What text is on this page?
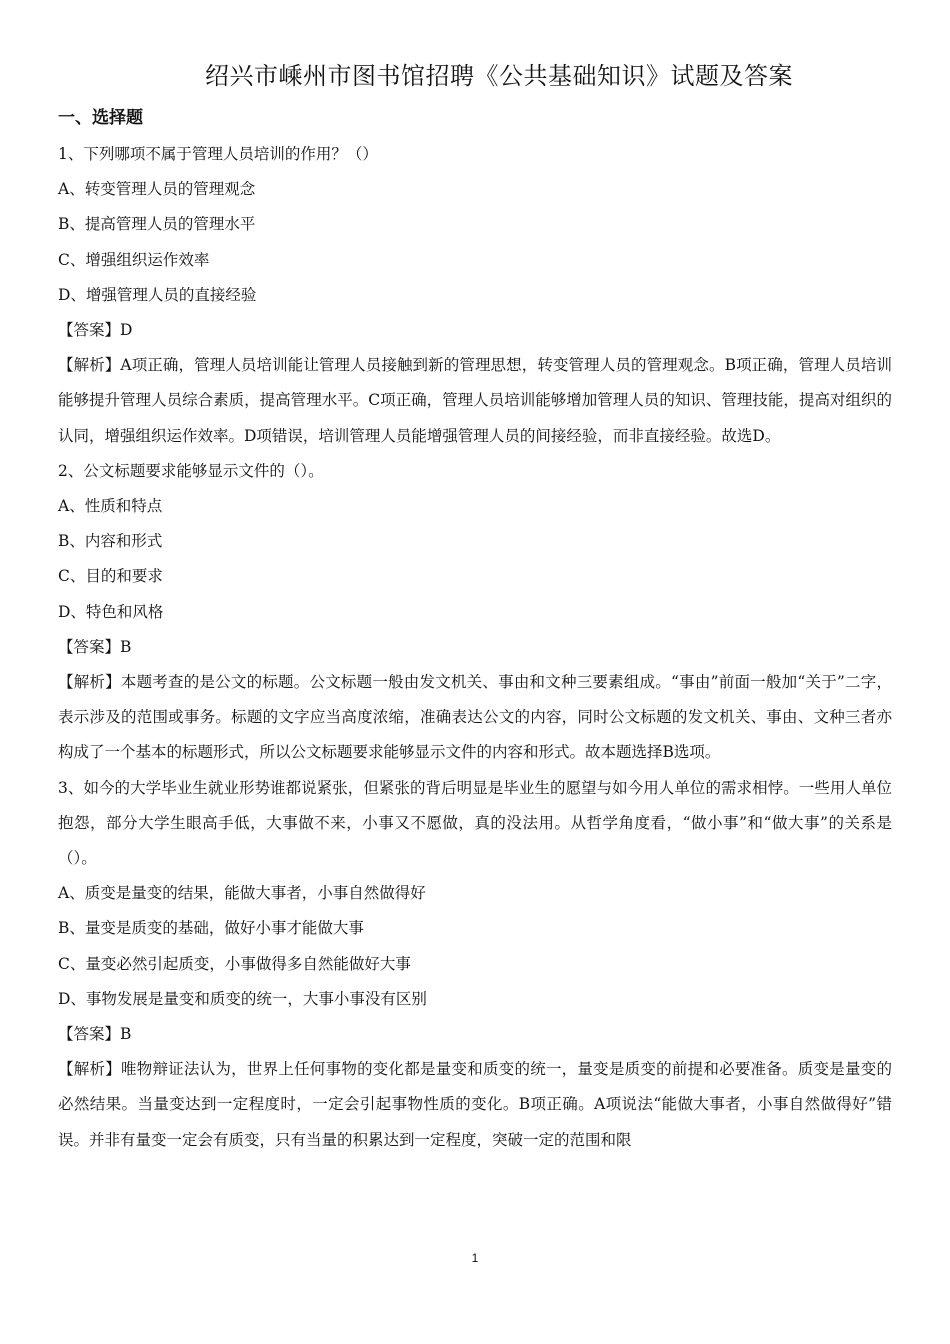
绍兴市嵊州市图书馆招聘《公共基础知识》试题及答案
一、选择题

1、下列哪项不属于管理人员培训的作用？（）

A、转变管理人员的管理观念

B、提高管理人员的管理水平

C、增强组织运作效率

D、增强管理人员的直接经验

【答案】D

【解析】A项正确，管理人员培训能让管理人员接触到新的管理思想，转变管理人员的管理观念。B项正确，管理人员培训能够提升管理人员综合素质，提高管理水平。C项正确，管理人员培训能够增加管理人员的知识、管理技能，提高对组织的认同，增强组织运作效率。D项错误，培训管理人员能增强管理人员的间接经验，而非直接经验。故选D。

2、公文标题要求能够显示文件的（）。

A、性质和特点

B、内容和形式

C、目的和要求

D、特色和风格

【答案】B

【解析】本题考查的是公文的标题。公文标题一般由发文机关、事由和文种三要素组成。“事由”前面一般加“关于”二字，表示涉及的范围或事务。标题的文字应当高度浓缩，准确表达公文的内容，同时公文标题的发文机关、事由、文种三者亦构成了一个基本的标题形式，所以公文标题要求能够显示文件的内容和形式。故本题选择B选项。

3、如今的大学毕业生就业形势谁都说紧张，但紧张的背后明显是毕业生的愿望与如今用人单位的需求相悖。一些用人单位抱怨，部分大学生眼高手低，大事做不来，小事又不愿做，真的没法用。从哲学角度看，“做小事”和“做大事”的关系是（）。

A、质变是量变的结果，能做大事者，小事自然做得好

B、量变是质变的基础，做好小事才能做大事

C、量变必然引起质变，小事做得多自然能做好大事

D、事物发展是量变和质变的统一，大事小事没有区别

【答案】B

【解析】唯物辩证法认为，世界上任何事物的变化都是量变和质变的统一，量变是质变的前提和必要准备。质变是量变的必然结果。当量变达到一定程度时，一定会引起事物性质的变化。B项正确。A项说法“能做大事者，小事自然做得好”错误。并非有量变一定会有质变，只有当量的积累达到一定程度，突破一定的范围和限

1
